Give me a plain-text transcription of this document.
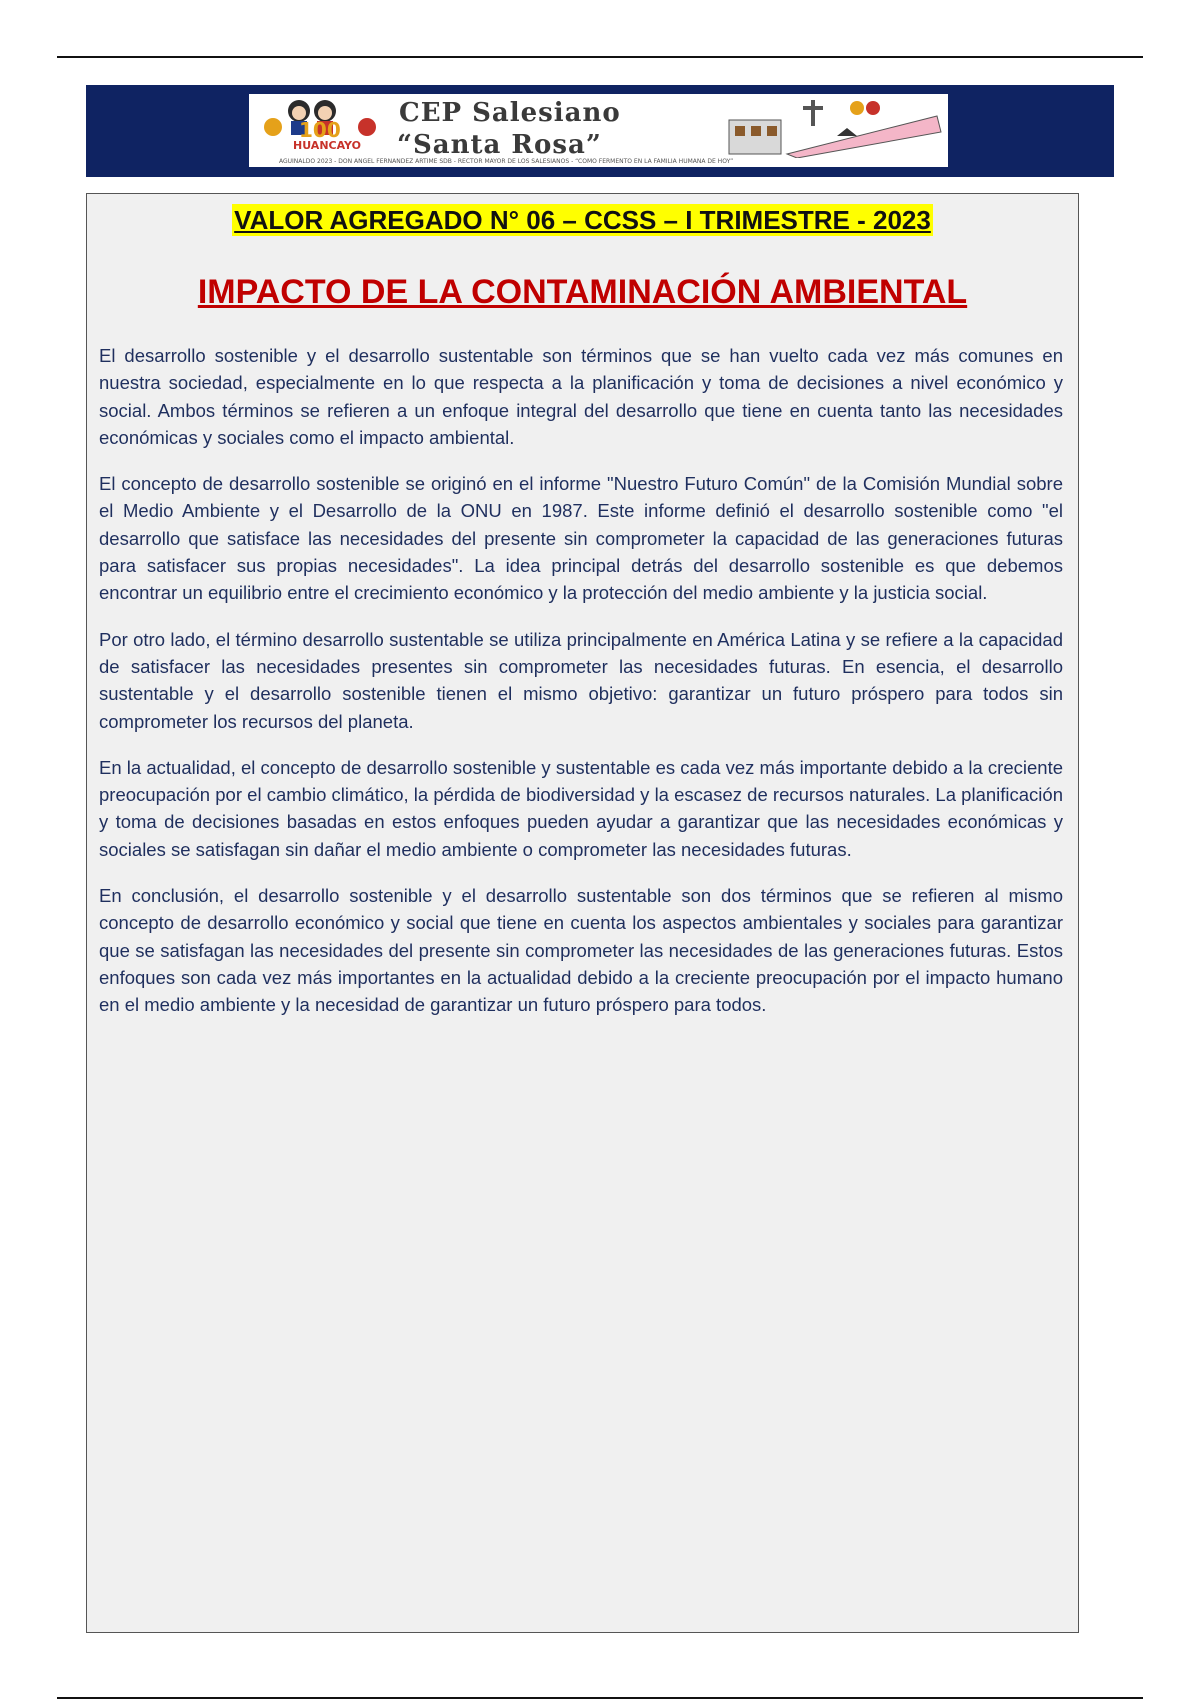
100
HUANCAYO
CEP Salesiano
“Santa Rosa”
AGUINALDO 2023 - DON ÁNGEL FERNÁNDEZ ARTIME SDB - RECTOR MAYOR DE LOS SALESIANOS - “COMO FERMENTO EN LA FAMILIA HUMANA DE HOY”
VALOR AGREGADO N° 06 – CCSS – I TRIMESTRE - 2023
IMPACTO DE LA CONTAMINACIÓN AMBIENTAL

El desarrollo sostenible y el desarrollo sustentable son términos que se han vuelto cada vez más comunes en nuestra sociedad, especialmente en lo que respecta a la planificación y toma de decisiones a nivel económico y social. Ambos términos se refieren a un enfoque integral del desarrollo que tiene en cuenta tanto las necesidades económicas y sociales como el impacto ambiental.

El concepto de desarrollo sostenible se originó en el informe "Nuestro Futuro Común" de la Comisión Mundial sobre el Medio Ambiente y el Desarrollo de la ONU en 1987. Este informe definió el desarrollo sostenible como "el desarrollo que satisface las necesidades del presente sin comprometer la capacidad de las generaciones futuras para satisfacer sus propias necesidades". La idea principal detrás del desarrollo sostenible es que debemos encontrar un equilibrio entre el crecimiento económico y la protección del medio ambiente y la justicia social.

Por otro lado, el término desarrollo sustentable se utiliza principalmente en América Latina y se refiere a la capacidad de satisfacer las necesidades presentes sin comprometer las necesidades futuras. En esencia, el desarrollo sustentable y el desarrollo sostenible tienen el mismo objetivo: garantizar un futuro próspero para todos sin comprometer los recursos del planeta.

En la actualidad, el concepto de desarrollo sostenible y sustentable es cada vez más importante debido a la creciente preocupación por el cambio climático, la pérdida de biodiversidad y la escasez de recursos naturales. La planificación y toma de decisiones basadas en estos enfoques pueden ayudar a garantizar que las necesidades económicas y sociales se satisfagan sin dañar el medio ambiente o comprometer las necesidades futuras.

En conclusión, el desarrollo sostenible y el desarrollo sustentable son dos términos que se refieren al mismo concepto de desarrollo económico y social que tiene en cuenta los aspectos ambientales y sociales para garantizar que se satisfagan las necesidades del presente sin comprometer las necesidades de las generaciones futuras. Estos enfoques son cada vez más importantes en la actualidad debido a la creciente preocupación por el impacto humano en el medio ambiente y la necesidad de garantizar un futuro próspero para todos.
